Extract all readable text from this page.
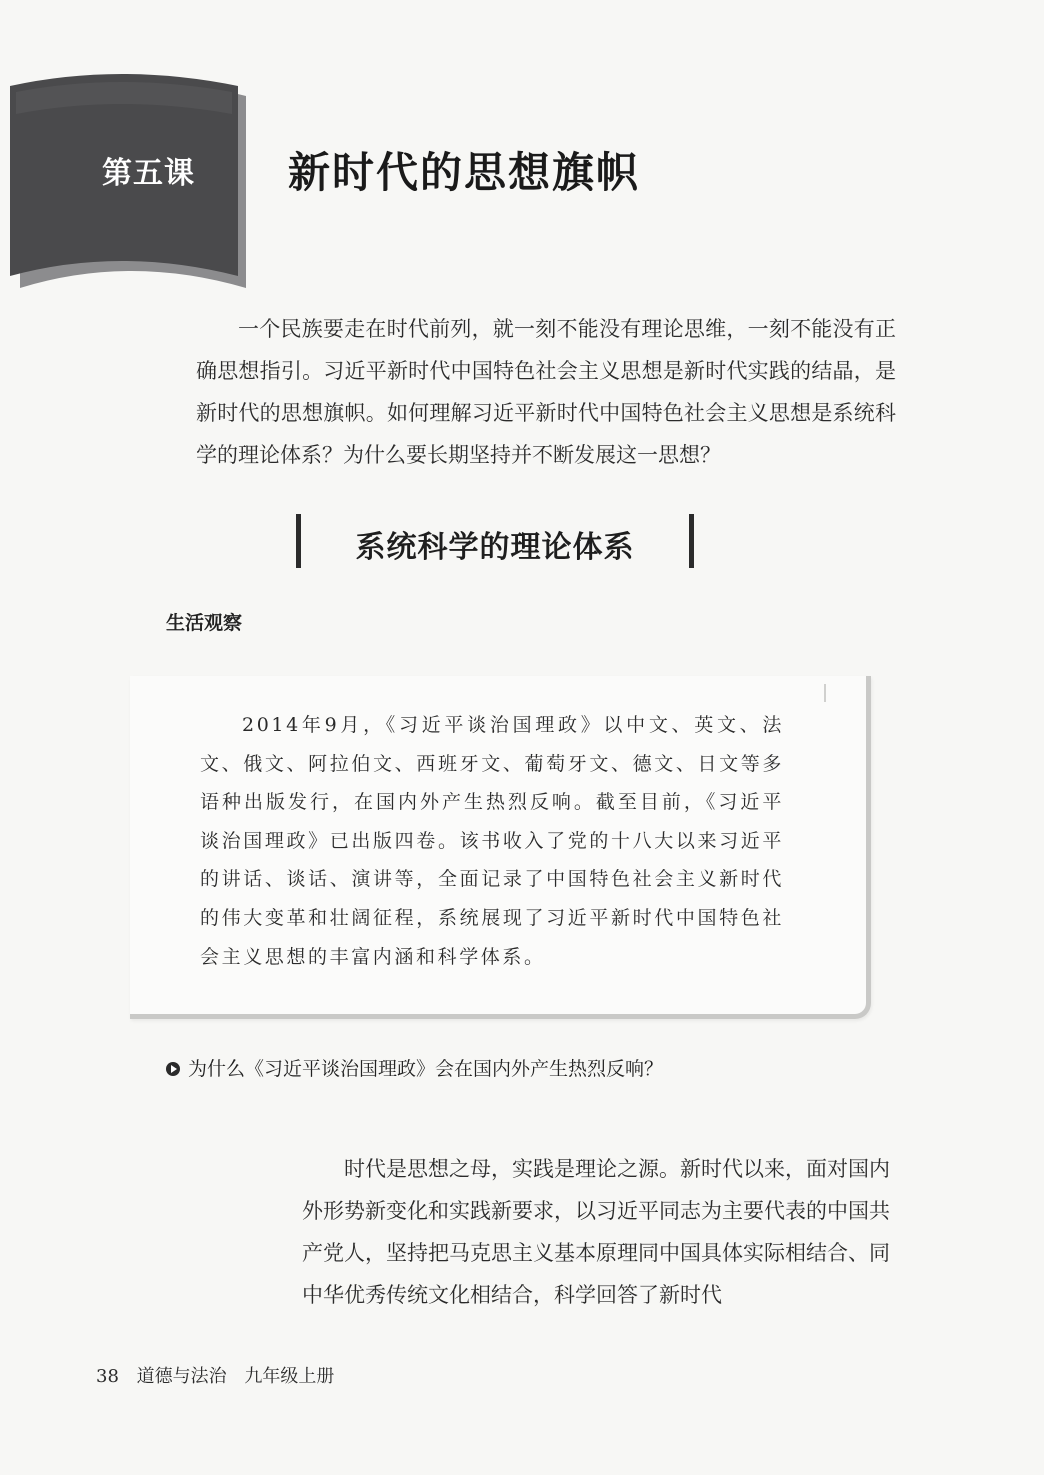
第五课 新时代的思想旗帜

一个民族要走在时代前列，就一刻不能没有理论思维，一刻不能没有正确思想指引。习近平新时代中国特色社会主义思想是新时代实践的结晶，是新时代的思想旗帜。如何理解习近平新时代中国特色社会主义思想是系统科学的理论体系？为什么要长期坚持并不断发展这一思想？

系统科学的理论体系
生活观察

2014年9月，《习近平谈治国理政》以中文、英文、法文、俄文、阿拉伯文、西班牙文、葡萄牙文、德文、日文等多语种出版发行，在国内外产生热烈反响。截至目前，《习近平谈治国理政》已出版四卷。该书收入了党的十八大以来习近平的讲话、谈话、演讲等，全面记录了中国特色社会主义新时代的伟大变革和壮阔征程，系统展现了习近平新时代中国特色社会主义思想的丰富内涵和科学体系。

为什么《习近平谈治国理政》会在国内外产生热烈反响？

时代是思想之母，实践是理论之源。新时代以来，面对国内外形势新变化和实践新要求，以习近平同志为主要代表的中国共产党人，坚持把马克思主义基本原理同中国具体实际相结合、同中华优秀传统文化相结合，科学回答了新时代

38 道德与法治 九年级上册
